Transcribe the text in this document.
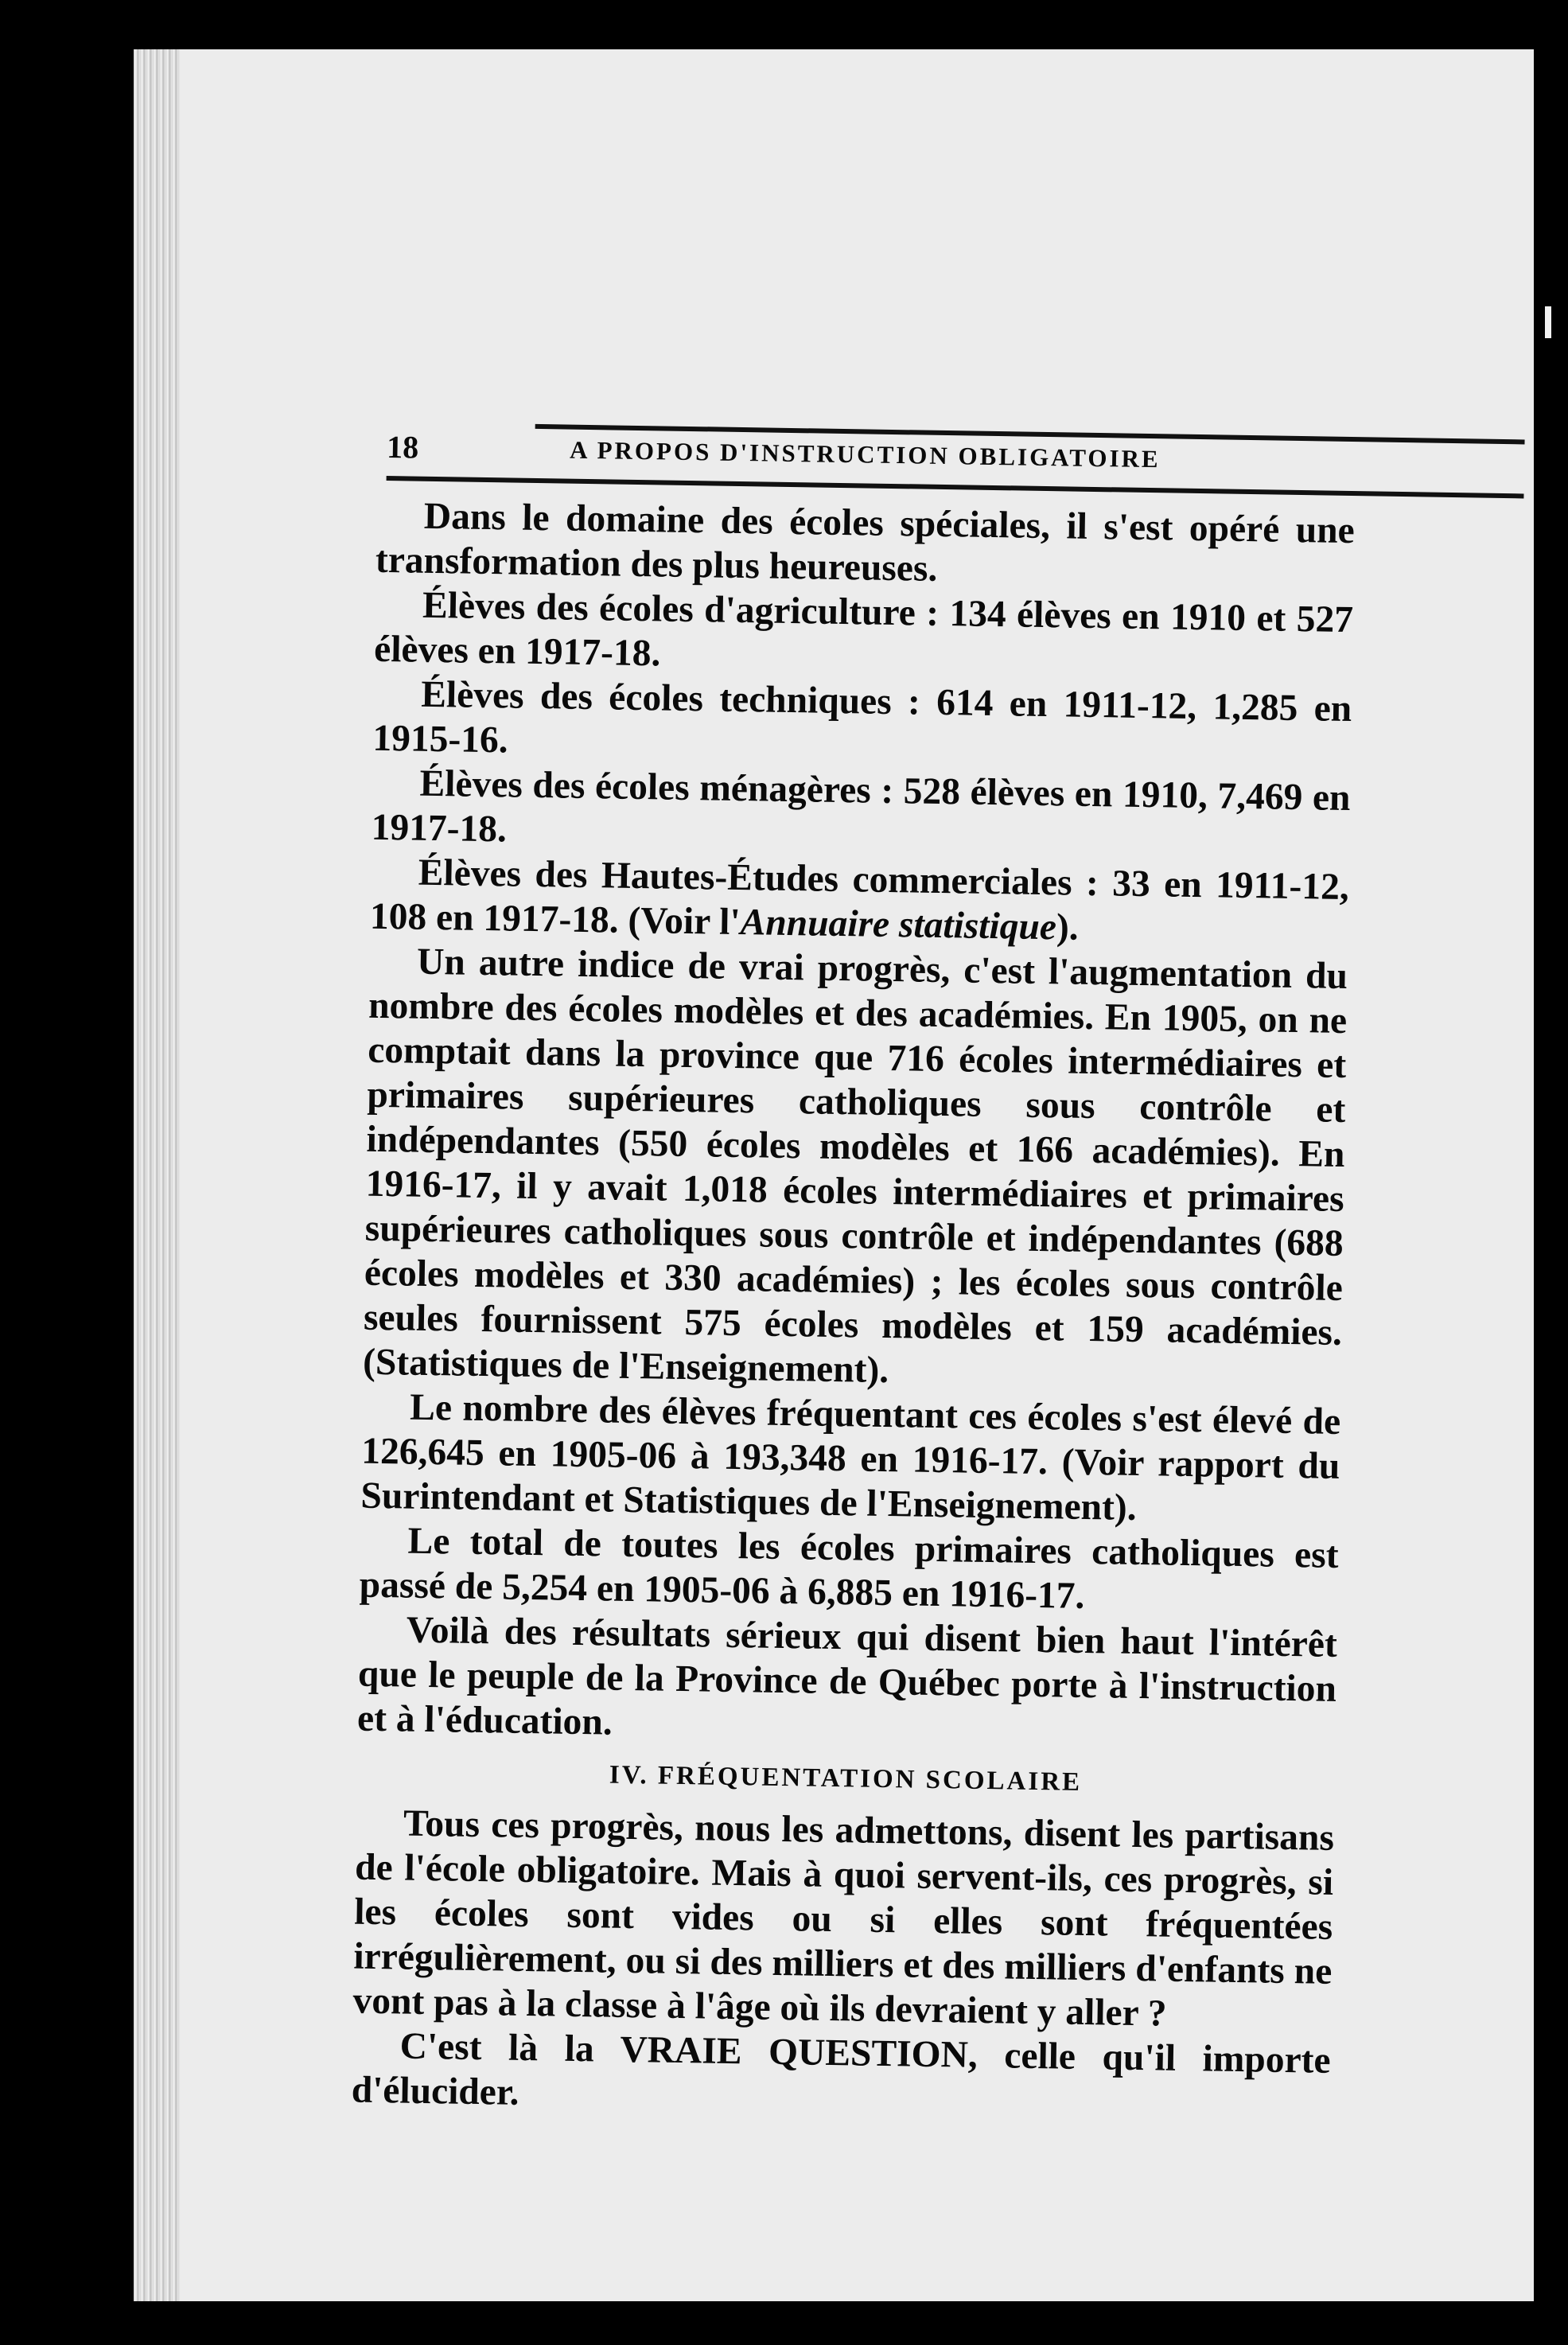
18	A PROPOS D'INSTRUCTION OBLIGATOIRE

Dans le domaine des écoles spéciales, il s'est opéré une transformation des plus heureuses.

Élèves des écoles d'agriculture : 134 élèves en 1910 et 527 élèves en 1917-18.

Élèves des écoles techniques : 614 en 1911-12, 1,285 en 1915-16.

Élèves des écoles ménagères : 528 élèves en 1910, 7,469 en 1917-18.

Élèves des Hautes-Études commerciales : 33 en 1911-12, 108 en 1917-18. (Voir l'Annuaire statistique).

Un autre indice de vrai progrès, c'est l'augmentation du nombre des écoles modèles et des académies. En 1905, on ne comptait dans la province que 716 écoles intermédiaires et primaires supérieures catholiques sous contrôle et indépendantes (550 écoles modèles et 166 académies). En 1916-17, il y avait 1,018 écoles intermédiaires et primaires supérieures catholiques sous contrôle et indépendantes (688 écoles modèles et 330 académies) ; les écoles sous contrôle seules fournissent 575 écoles modèles et 159 académies. (Statistiques de l'Enseignement).

Le nombre des élèves fréquentant ces écoles s'est élevé de 126,645 en 1905-06 à 193,348 en 1916-17. (Voir rapport du Surintendant et Statistiques de l'Enseignement).

Le total de toutes les écoles primaires catholiques est passé de 5,254 en 1905-06 à 6,885 en 1916-17.

Voilà des résultats sérieux qui disent bien haut l'intérêt que le peuple de la Province de Québec porte à l'instruction et à l'éducation.

IV. FRÉQUENTATION SCOLAIRE

Tous ces progrès, nous les admettons, disent les partisans de l'école obligatoire. Mais à quoi servent-ils, ces progrès, si les écoles sont vides ou si elles sont fréquentées irrégulièrement, ou si des milliers et des milliers d'enfants ne vont pas à la classe à l'âge où ils devraient y aller ?

C'est là la VRAIE QUESTION, celle qu'il importe d'élucider.
